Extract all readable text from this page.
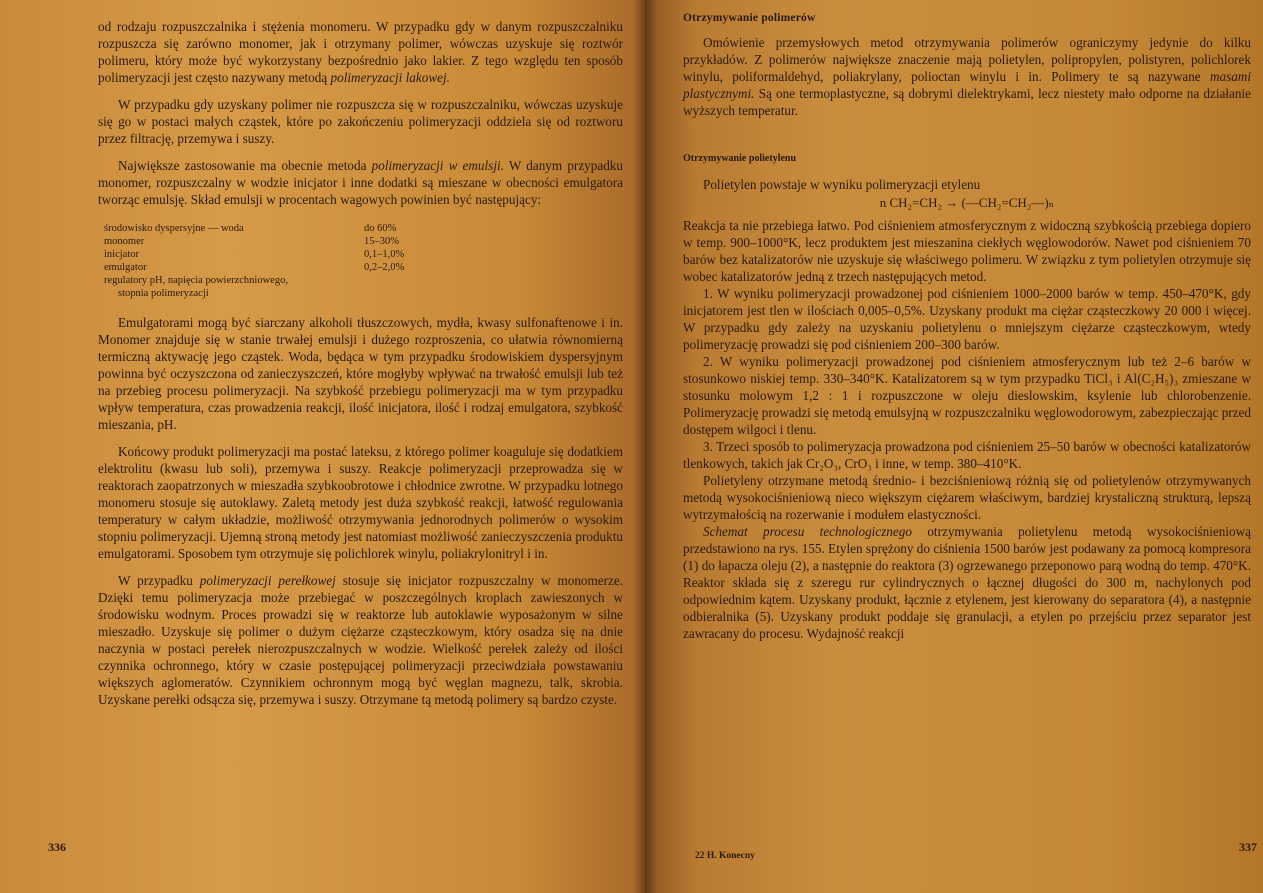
od rodzaju rozpuszczalnika i stężenia monomeru. W przypadku gdy w danym rozpuszczalniku rozpuszcza się zarówno monomer, jak i otrzymany polimer, wówczas uzyskuje się roztwór polimeru, który może być wykorzystany bezpośrednio jako lakier. Z tego względu ten sposób polimeryzacji jest często nazywany metodą polimeryzacji lakowej.

W przypadku gdy uzyskany polimer nie rozpuszcza się w rozpuszczalniku, wówczas uzyskuje się go w postaci małych cząstek, które po zakończeniu polimeryzacji oddziela się od roztworu przez filtrację, przemywa i suszy.

Największe zastosowanie ma obecnie metoda polimeryzacji w emulsji. W danym przypadku monomer, rozpuszczalny w wodzie inicjator i inne dodatki są mieszane w obecności emulgatora tworząc emulsję. Skład emulsji w procentach wagowych powinien być następujący:

środowisko dyspersyjne — woda	do 60%
monomer	15–30%
inicjator	0,1–1,0%
emulgator	0,2–2,0%
regulatory pH, napięcia powierzchniowego,
stopnia polimeryzacji

Emulgatorami mogą być siarczany alkoholi tłuszczowych, mydła, kwasy sulfonaftenowe i in. Monomer znajduje się w stanie trwałej emulsji i dużego rozproszenia, co ułatwia równomierną termiczną aktywację jego cząstek. Woda, będąca w tym przypadku środowiskiem dyspersyjnym powinna być oczyszczona od zanieczyszczeń, które mogłyby wpływać na trwałość emulsji lub też na przebieg procesu polimeryzacji. Na szybkość przebiegu polimeryzacji ma w tym przypadku wpływ temperatura, czas prowadzenia reakcji, ilość inicjatora, ilość i rodzaj emulgatora, szybkość mieszania, pH.

Końcowy produkt polimeryzacji ma postać lateksu, z którego polimer koaguluje się dodatkiem elektrolitu (kwasu lub soli), przemywa i suszy. Reakcje polimeryzacji przeprowadza się w reaktorach zaopatrzonych w mieszadła szybkoobrotowe i chłodnice zwrotne. W przypadku lotnego monomeru stosuje się autoklawy. Zaletą metody jest duża szybkość reakcji, łatwość regulowania temperatury w całym układzie, możliwość otrzymywania jednorodnych polimerów o wysokim stopniu polimeryzacji. Ujemną stroną metody jest natomiast możliwość zanieczyszczenia produktu emulgatorami. Sposobem tym otrzymuje się polichlorek winylu, poliakrylonitryl i in.

W przypadku polimeryzacji perełkowej stosuje się inicjator rozpuszczalny w monomerze. Dzięki temu polimeryzacja może przebiegać w poszczególnych kroplach zawieszonych w środowisku wodnym. Proces prowadzi się w reaktorze lub autoklawie wyposażonym w silne mieszadło. Uzyskuje się polimer o dużym ciężarze cząsteczkowym, który osadza się na dnie naczynia w postaci perełek nierozpuszczalnych w wodzie. Wielkość perełek zależy od ilości czynnika ochronnego, który w czasie postępującej polimeryzacji przeciwdziała powstawaniu większych aglomeratów. Czynnikiem ochronnym mogą być węglan magnezu, talk, skrobia. Uzyskane perełki odsącza się, przemywa i suszy. Otrzymane tą metodą polimery są bardzo czyste.

336
Otrzymywanie polimerów

Omówienie przemysłowych metod otrzymywania polimerów ograniczymy jedynie do kilku przykładów. Z polimerów największe znaczenie mają polietylen, polipropylen, polistyren, polichlorek winylu, poliformaldehyd, poliakrylany, polioctan winylu i in. Polimery te są nazywane masami plastycznymi. Są one termoplastyczne, są dobrymi dielektrykami, lecz niestety mało odporne na działanie wyższych temperatur.

Otrzymywanie polietylenu

Polietylen powstaje w wyniku polimeryzacji etylenu

n CH₂=CH₂ → (—CH₂=CH₂—)ₙ

Reakcja ta nie przebiega łatwo. Pod ciśnieniem atmosferycznym z widoczną szybkością przebiega dopiero w temp. 900–1000°K, lecz produktem jest mieszanina ciekłych węglowodorów. Nawet pod ciśnieniem 70 barów bez katalizatorów nie uzyskuje się właściwego polimeru. W związku z tym polietylen otrzymuje się wobec katalizatorów jedną z trzech następujących metod.

1. W wyniku polimeryzacji prowadzonej pod ciśnieniem 1000–2000 barów w temp. 450–470°K, gdy inicjatorem jest tlen w ilościach 0,005–0,5%. Uzyskany produkt ma ciężar cząsteczkowy 20 000 i więcej. W przypadku gdy zależy na uzyskaniu polietylenu o mniejszym ciężarze cząsteczkowym, wtedy polimeryzację prowadzi się pod ciśnieniem 200–300 barów.

2. W wyniku polimeryzacji prowadzonej pod ciśnieniem atmosferycznym lub też 2–6 barów w stosunkowo niskiej temp. 330–340°K. Katalizatorem są w tym przypadku TiCl₃ i Al(C₂H₅)₃ zmieszane w stosunku molowym 1,2 : 1 i rozpuszczone w oleju dieslowskim, ksylenie lub chlorobenzenie. Polimeryzację prowadzi się metodą emulsyjną w rozpuszczalniku węglowodorowym, zabezpieczając przed dostępem wilgoci i tlenu.

3. Trzeci sposób to polimeryzacja prowadzona pod ciśnieniem 25–50 barów w obecności katalizatorów tlenkowych, takich jak Cr₂O₃, CrO₃ i inne, w temp. 380–410°K.

Polietyleny otrzymane metodą średnio- i bezciśnieniową różnią się od polietylenów otrzymywanych metodą wysokociśnieniową nieco większym ciężarem właściwym, bardziej krystaliczną strukturą, lepszą wytrzymałością na rozerwanie i modułem elastyczności.

Schemat procesu technologicznego otrzymywania polietylenu metodą wysokociśnieniową przedstawiono na rys. 155. Etylen sprężony do ciśnienia 1500 barów jest podawany za pomocą kompresora (1) do łapacza oleju (2), a następnie do reaktora (3) ogrzewanego przeponowo parą wodną do temp. 470°K. Reaktor składa się z szeregu rur cylindrycznych o łącznej długości do 300 m, nachylonych pod odpowiednim kątem. Uzyskany produkt, łącznie z etylenem, jest kierowany do separatora (4), a następnie odbieralnika (5). Uzyskany produkt poddaje się granulacji, a etylen po przejściu przez separator jest zawracany do procesu. Wydajność reakcji

22 H. Konecny
337
